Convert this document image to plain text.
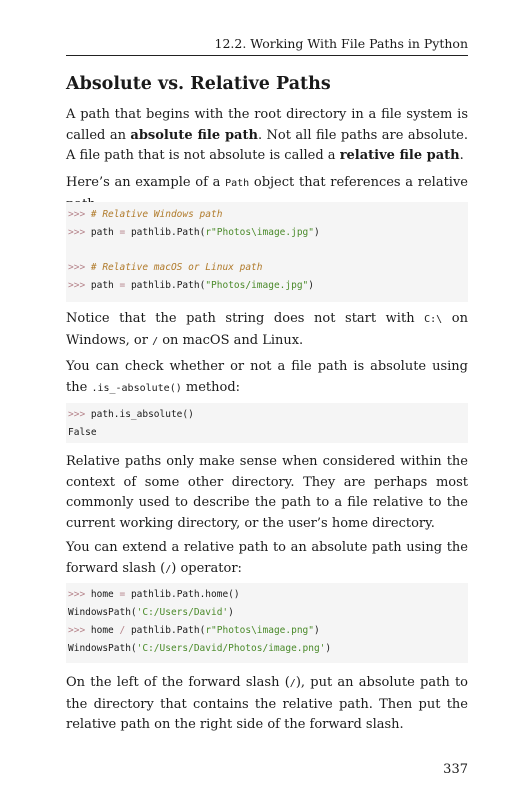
12.2. Working With File Paths in Python
Absolute vs. Relative Paths

A path that begins with the root directory in a file system is called an absolute file path. Not all file paths are absolute. A file path that is not absolute is called a relative file path.

Here’s an example of a Path object that references a relative

>>> # Relative Windows path
>>> path = pathlib.Path(r"Photos\image.jpg")
>>> # Relative macOS or Linux path
>>> path = pathlib.Path("Photos/image.jpg")

Notice that the path string does not start with C:\ on Windows, or / on macOS and Linux.

You can check whether or not a file path is absolute using the .is_-absolute() method:

>>> path.is_absolute()
False

Relative paths only make sense when considered within the context of some other directory. They are perhaps most commonly used to describe the path to a file relative to the current working directory, or the user’s home directory.

You can extend a relative path to an absolute path using the forward slash (/) operator:

>>> home = pathlib.Path.home()
WindowsPath('C:/Users/David')
>>> home / pathlib.Path(r"Photos\image.png")
WindowsPath('C:/Users/David/Photos/image.png')

On the left of the forward slash (/), put an absolute path to the directory that contains the relative path. Then put the relative path on the right side of the forward slash.

337
